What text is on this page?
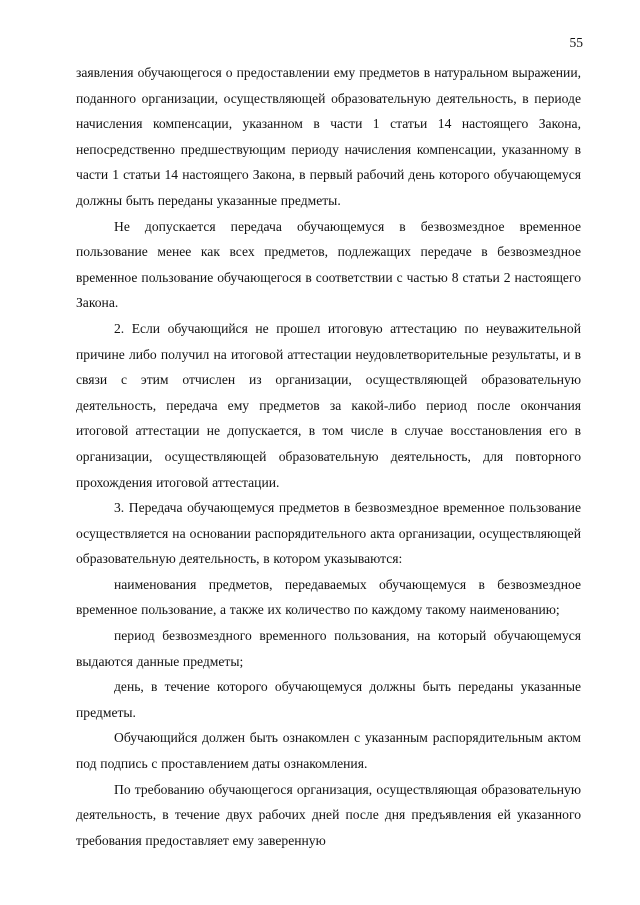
55

заявления обучающегося о предоставлении ему предметов в натуральном выражении, поданного организации, осуществляющей образовательную деятельность, в периоде начисления компенсации, указанном в части 1 статьи 14 настоящего Закона, непосредственно предшествующим периоду начисления компенсации, указанному в части 1 статьи 14 настоящего Закона, в первый рабочий день которого обучающемуся должны быть переданы указанные предметы.

Не допускается передача обучающемуся в безвозмездное временное пользование менее как всех предметов, подлежащих передаче в безвозмездное временное пользование обучающегося в соответствии с частью 8 статьи 2 настоящего Закона.

2. Если обучающийся не прошел итоговую аттестацию по неуважительной причине либо получил на итоговой аттестации неудовлетворительные результаты, и в связи с этим отчислен из организации, осуществляющей образовательную деятельность, передача ему предметов за какой-либо период после окончания итоговой аттестации не допускается, в том числе в случае восстановления его в организации, осуществляющей образовательную деятельность, для повторного прохождения итоговой аттестации.

3. Передача обучающемуся предметов в безвозмездное временное пользование осуществляется на основании распорядительного акта организации, осуществляющей образовательную деятельность, в котором указываются:

наименования предметов, передаваемых обучающемуся в безвозмездное временное пользование, а также их количество по каждому такому наименованию;

период безвозмездного временного пользования, на который обучающемуся выдаются данные предметы;

день, в течение которого обучающемуся должны быть переданы указанные предметы.

Обучающийся должен быть ознакомлен с указанным распорядительным актом под подпись с проставлением даты ознакомления.

По требованию обучающегося организация, осуществляющая образовательную деятельность, в течение двух рабочих дней после дня предъявления ей указанного требования предоставляет ему заверенную
